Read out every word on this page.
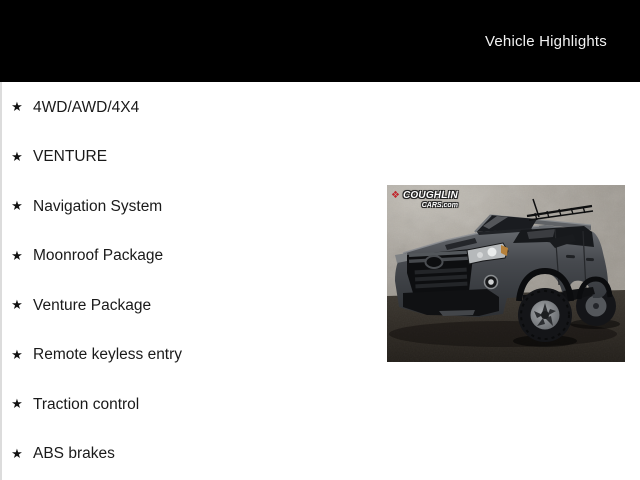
Vehicle Highlights
★ 4WD/AWD/4X4
★ VENTURE
★ Navigation System
★ Moonroof Package
★ Venture Package
★ Remote keyless entry
★ Traction control
★ ABS brakes
❖ COUGHLIN
CARS.com
